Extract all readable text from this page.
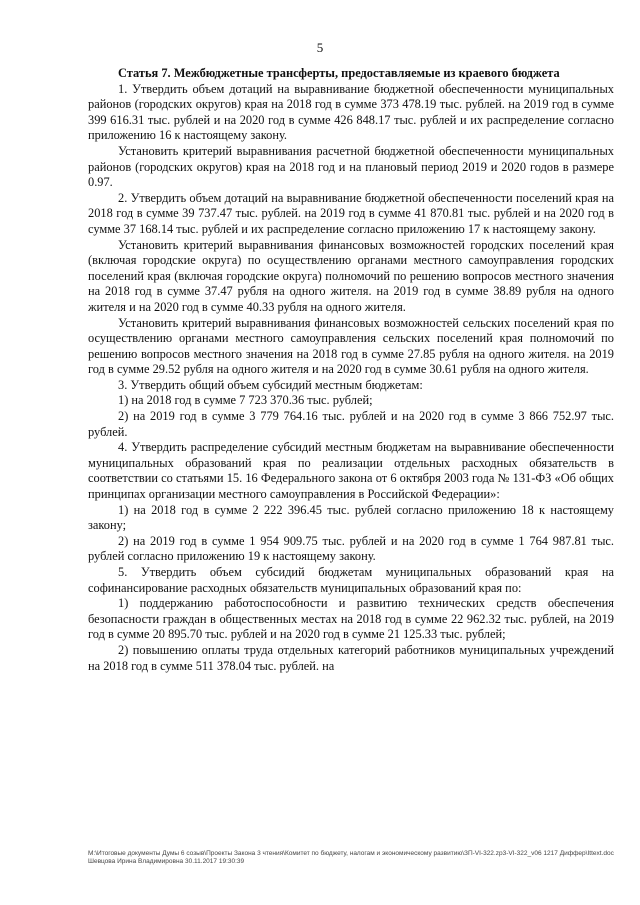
5

Статья 7. Межбюджетные трансферты, предоставляемые из краевого бюджета

1. Утвердить объем дотаций на выравнивание бюджетной обеспеченности муниципальных районов (городских округов) края на 2018 год в сумме 373 478.19 тыс. рублей. на 2019 год в сумме 399 616.31 тыс. рублей и на 2020 год в сумме 426 848.17 тыс. рублей и их распределение согласно приложению 16 к настоящему закону.

Установить критерий выравнивания расчетной бюджетной обеспеченности муниципальных районов (городских округов) края на 2018 год и на плановый период 2019 и 2020 годов в размере 0.97.

2. Утвердить объем дотаций на выравнивание бюджетной обеспеченности поселений края на 2018 год в сумме 39 737.47 тыс. рублей. на 2019 год в сумме 41 870.81 тыс. рублей и на 2020 год в сумме 37 168.14 тыс. рублей и их распределение согласно приложению 17 к настоящему закону.

Установить критерий выравнивания финансовых возможностей городских поселений края (включая городские округа) по осуществлению органами местного самоуправления городских поселений края (включая городские округа) полномочий по решению вопросов местного значения на 2018 год в сумме 37.47 рубля на одного жителя. на 2019 год в сумме 38.89 рубля на одного жителя и на 2020 год в сумме 40.33 рубля на одного жителя.

Установить критерий выравнивания финансовых возможностей сельских поселений края по осуществлению органами местного самоуправления сельских поселений края полномочий по решению вопросов местного значения на 2018 год в сумме 27.85 рубля на одного жителя. на 2019 год в сумме 29.52 рубля на одного жителя и на 2020 год в сумме 30.61 рубля на одного жителя.

3. Утвердить общий объем субсидий местным бюджетам:

1) на 2018 год в сумме 7 723 370.36 тыс. рублей;

2) на 2019 год в сумме 3 779 764.16 тыс. рублей и на 2020 год в сумме 3 866 752.97 тыс. рублей.

4. Утвердить распределение субсидий местным бюджетам на выравнивание обеспеченности муниципальных образований края по реализации отдельных расходных обязательств в соответствии со статьями 15. 16 Федерального закона от 6 октября 2003 года № 131-ФЗ «Об общих принципах организации местного самоуправления в Российской Федерации»:

1) на 2018 год в сумме 2 222 396.45 тыс. рублей согласно приложению 18 к настоящему закону;

2) на 2019 год в сумме 1 954 909.75 тыс. рублей и на 2020 год в сумме 1 764 987.81 тыс. рублей согласно приложению 19 к настоящему закону.

5. Утвердить объем субсидий бюджетам муниципальных образований края на софинансирование расходных обязательств муниципальных образований края по:

1) поддержанию работоспособности и развитию технических средств обеспечения безопасности граждан в общественных местах на 2018 год в сумме 22 962.32 тыс. рублей, на 2019 год в сумме 20 895.70 тыс. рублей и на 2020 год в сумме 21 125.33 тыс. рублей;

2) повышению оплаты труда отдельных категорий работников муниципальных учреждений на 2018 год в сумме 511 378.04 тыс. рублей. на

М:\Итоговые документы Думы 6 созыв\Проекты Закона 3 чтения\Комитет по бюджету, налогам и экономическому развитию\ЗП-VI-322.zp3-VI-322_v06 1217 Диффер\Ittext.doc Шевцова Ирина Владимировна 30.11.2017 19:30:39
